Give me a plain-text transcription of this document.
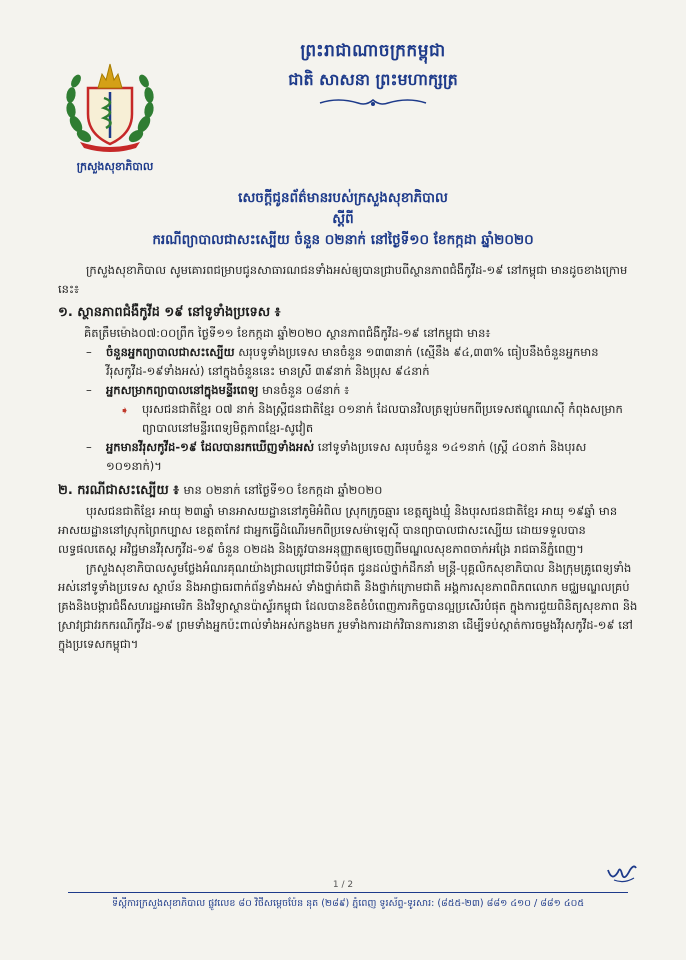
ក្រសួងសុខាភិបាល
ព្រះរាជាណាចក្រកម្ពុជា
ជាតិ សាសនា ព្រះមហាក្សត្រ
សេចក្តីជូនព័ត៌មានរបស់ក្រសួងសុខាភិបាល
ស្តីពី
ករណីព្យាបាលជាសះស្បើយ ចំនួន ០២នាក់ នៅថ្ងៃទី១០ ខែកក្កដា ឆ្នាំ២០២០

ក្រសួងសុខាភិបាល សូមគោរពជម្រាបជូនសាធារណជនទាំងអស់ឲ្យបានជ្រាបពីស្ថានភាពជំងឺកូវីដ-១៩ នៅកម្ពុជា មានដូចខាងក្រោមនេះ៖

១. ស្ថានភាពជំងឺកូវីដ ១៩ នៅទូទាំងប្រទេស ៖

គិតត្រឹមម៉ោង០៧:០០ព្រឹក ថ្ងៃទី១១ ខែកក្កដា ឆ្នាំ២០២០ ស្ថានភាពជំងឺកូវីដ-១៩ នៅកម្ពុជា មាន៖

– ចំនួនអ្នកព្យាបាលជាសះស្បើយ សរុបទូទាំងប្រទេស មានចំនួន ១៣៣នាក់ (ស្មើនឹង ៩៤,៣៣% ធៀបនឹងចំនួនអ្នកមានវីរុសកូវីដ-១៩ទាំងអស់) នៅក្នុងចំនួននេះ មានស្រី ៣៩នាក់ និងប្រុស ៩៤នាក់
– អ្នកសម្រាកព្យាបាលនៅក្នុងមន្ទីរពេទ្យ មានចំនួន ០៨នាក់ ៖
➧ បុរសជនជាតិខ្មែរ ០៧ នាក់ និងស្ត្រីជនជាតិខ្មែរ ០១នាក់ ដែលបានវិលត្រឡប់មកពីប្រទេសឥណ្ឌូណេស៊ី កំពុងសម្រាកព្យាបាលនៅមន្ទីរពេទ្យមិត្តភាពខ្មែរ-សូវៀត
– អ្នកមានវីរុសកូវីដ-១៩ ដែលបានរកឃើញទាំងអស់ នៅទូទាំងប្រទេស សរុបចំនួន ១៤១នាក់ (ស្ត្រី ៤០នាក់ និងបុរស ១០១នាក់)។

២. ករណីជាសះស្បើយ ៖ មាន ០២នាក់ នៅថ្ងៃទី១០ ខែកក្កដា ឆ្នាំ២០២០

បុរសជនជាតិខ្មែរ អាយុ ២៣ឆ្នាំ មានអាសយដ្ឋាននៅភូមិអំពិល ស្រុកក្រូចឆ្មារ ខេត្តត្បូងឃ្មុំ និងបុរសជនជាតិខ្មែរ អាយុ ១៩ឆ្នាំ មានអាសយដ្ឋាននៅស្រុកព្រៃកប្បាស ខេត្តតាកែវ ជាអ្នកធ្វើដំណើរមកពីប្រទេសម៉ាឡេស៊ី បានព្យាបាលជាសះស្បើយ ដោយទទួលបានលទ្ធផលតេស្ត អវិជ្ជមានវីរុសកូវីដ-១៩ ចំនួន ០២ដង និងត្រូវបានអនុញ្ញាតឲ្យចេញពីមណ្ឌលសុខភាពចាក់អង្រែ រាជធានីភ្នំពេញ។

ក្រសួងសុខាភិបាលសូមថ្លែងអំណរគុណយ៉ាងជ្រាលជ្រៅជាទីបំផុត ជូនដល់ថ្នាក់ដឹកនាំ មន្ត្រី-បុគ្គលិកសុខាភិបាល និងក្រុមគ្រូពេទ្យទាំងអស់នៅទូទាំងប្រទេស ស្ថាប័ន និងអាជ្ញាធរពាក់ព័ន្ធទាំងអស់ ទាំងថ្នាក់ជាតិ និងថ្នាក់ក្រោមជាតិ អង្គការសុខភាពពិភពលោក មជ្ឈមណ្ឌលគ្រប់គ្រងនិងបង្ការជំងឺសហរដ្ឋអាមេរិក និងវិទ្យាស្ថានប៉ាស្ទ័រកម្ពុជា ដែលបានខិតខំបំពេញភារកិច្ចបានល្អប្រសើរបំផុត ក្នុងការជួយពិនិត្យសុខភាព និងស្រាវជ្រាវរកករណីកូវីដ-១៩ ព្រមទាំងអ្នកប៉ះពាល់ទាំងអស់កន្លងមក រួមទាំងការដាក់វិធានការនានា ដើម្បីទប់ស្កាត់ការចម្លងវីរុសកូវីដ-១៩ នៅក្នុងប្រទេសកម្ពុជា។

1 / 2
ទីស្តីការក្រសួងសុខាភិបាល ផ្លូវលេខ ៨០ វិថីសម្តេចប៉ែន នុត (២៨៩) ភ្នំពេញ ទូរស័ព្ទ-ទូរសារ: (៨៥៥-២៣) ៨៨១ ៤១០ / ៨៨១ ៤០៥
